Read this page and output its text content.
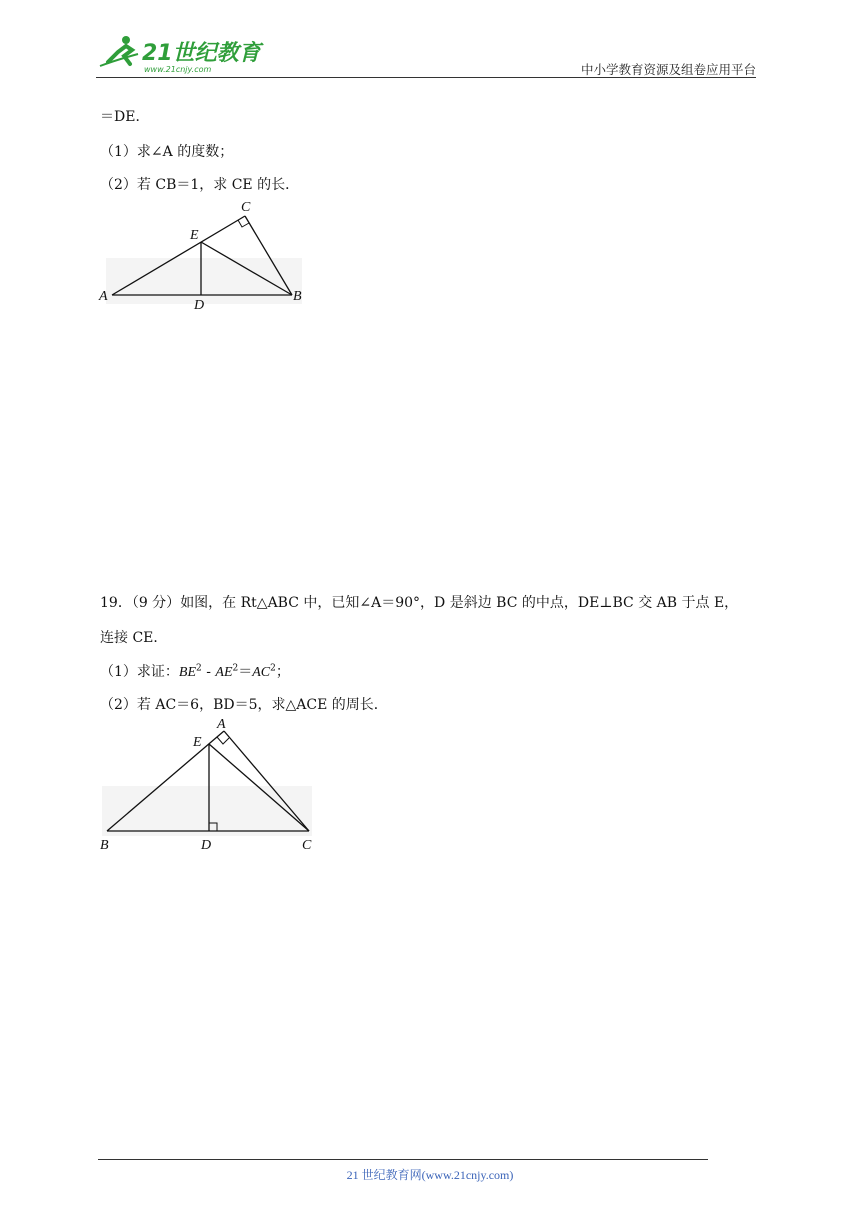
21世纪教育
www.21cnjy.com	中小学教育资源及组卷应用平台
＝DE．
（1）求∠A 的度数；
（2）若 CB＝1，求 CE 的长．
C
E
A
D
B
19．（9 分）如图，在 Rt△ABC 中，已知∠A＝90°，D 是斜边 BC 的中点，DE⊥BC 交 AB 于点 E，
连接 CE．
（1）求证：$BE^2 - AE^2=AC^2$；
（2）若 AC＝6，BD＝5，求△ACE 的周长．
A
E
B	D	C
21 世纪教育网(www.21cnjy.com)
